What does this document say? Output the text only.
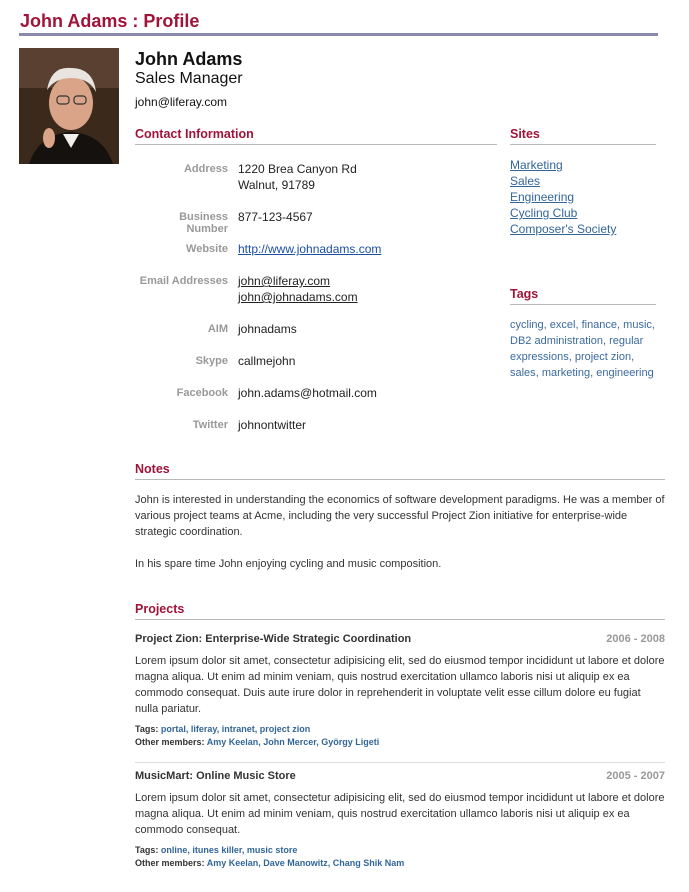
John Adams : Profile
John Adams
Sales Manager
john@liferay.com
Contact Information
Address 1220 Brea Canyon Rd
Walnut, 91789
Business Number
877-123-4567
Website http://www.johnadams.com
Email Addresses john@liferay.com
john@johnadams.com
AIM johnadams
Skype callmejohn
Facebook john.adams@hotmail.com
Twitter johnontwitter
Sites
Marketing
Sales
Engineering
Cycling Club
Composer's Society
Tags
cycling, excel, finance, music, DB2 administration, regular expressions, project zion, sales, marketing, engineering
Notes

John is interested in understanding the economics of software development paradigms. He was a member of various project teams at Acme, including the very successful Project Zion initiative for enterprise-wide strategic coordination.

In his spare time John enjoying cycling and music composition.

Projects
Project Zion: Enterprise-Wide Strategic Coordination	2006 - 2008

Lorem ipsum dolor sit amet, consectetur adipisicing elit, sed do eiusmod tempor incididunt ut labore et dolore magna aliqua. Ut enim ad minim veniam, quis nostrud exercitation ullamco laboris nisi ut aliquip ex ea commodo consequat. Duis aute irure dolor in reprehenderit in voluptate velit esse cillum dolore eu fugiat nulla pariatur.

Tags: portal, liferay, intranet, project zion
Other members: Amy Keelan, John Mercer, György Ligeti
MusicMart: Online Music Store	2005 - 2007

Lorem ipsum dolor sit amet, consectetur adipisicing elit, sed do eiusmod tempor incididunt ut labore et dolore magna aliqua. Ut enim ad minim veniam, quis nostrud exercitation ullamco laboris nisi ut aliquip ex ea commodo consequat.

Tags: online, itunes killer, music store
Other members: Amy Keelan, Dave Manowitz, Chang Shik Nam
